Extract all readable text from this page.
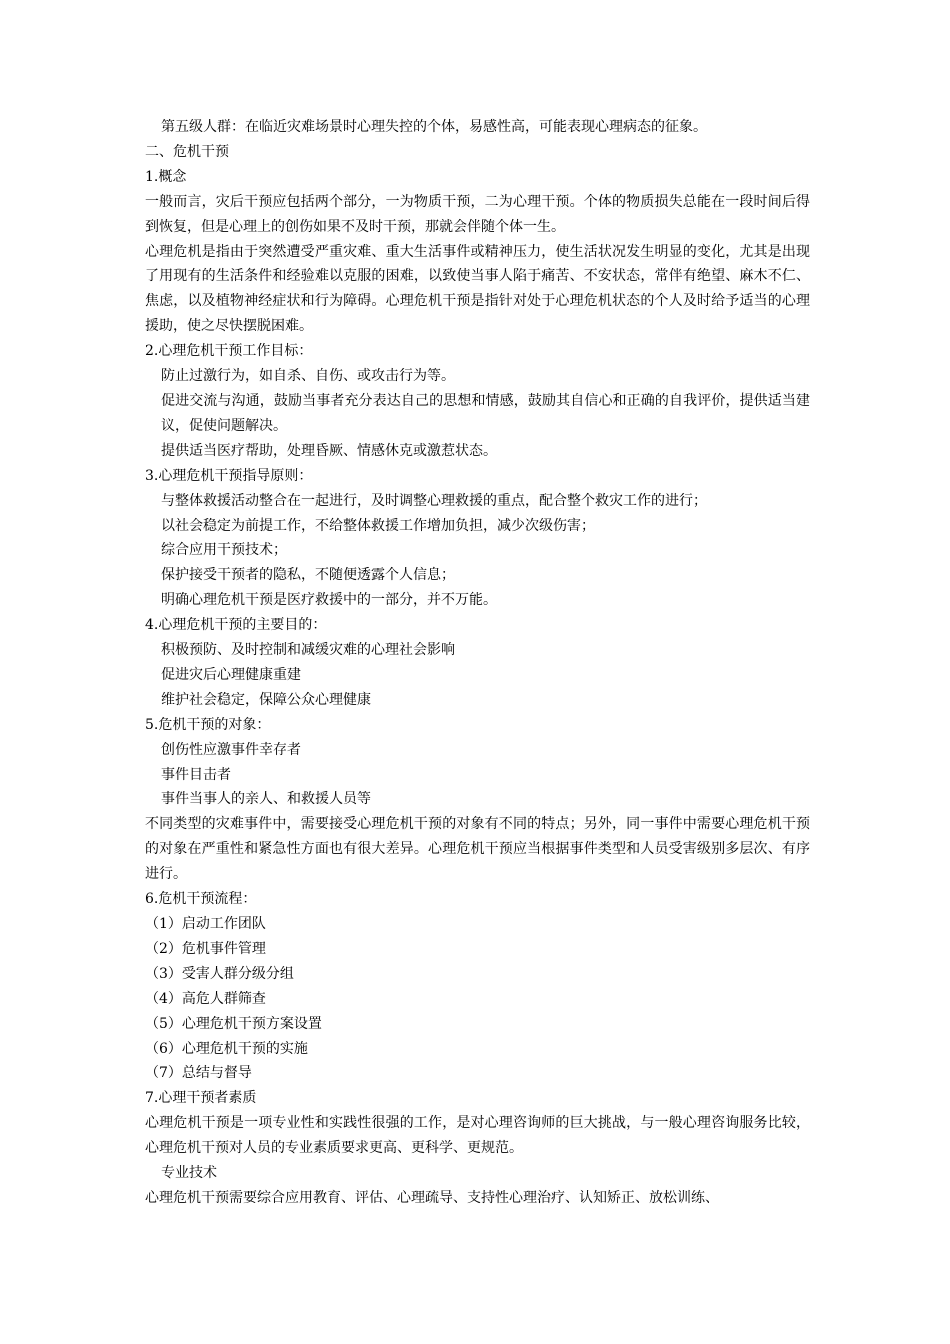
第五级人群：在临近灾难场景时心理失控的个体，易感性高，可能表现心理病态的征象。

二、危机干预

1.概念

一般而言，灾后干预应包括两个部分，一为物质干预，二为心理干预。个体的物质损失总能在一段时间后得到恢复，但是心理上的创伤如果不及时干预，那就会伴随个体一生。

心理危机是指由于突然遭受严重灾难、重大生活事件或精神压力，使生活状况发生明显的变化，尤其是出现了用现有的生活条件和经验难以克服的困难，以致使当事人陷于痛苦、不安状态，常伴有绝望、麻木不仁、焦虑，以及植物神经症状和行为障碍。心理危机干预是指针对处于心理危机状态的个人及时给予适当的心理援助，使之尽快摆脱困难。

2.心理危机干预工作目标：

防止过激行为，如自杀、自伤、或攻击行为等。

促进交流与沟通，鼓励当事者充分表达自己的思想和情感，鼓励其自信心和正确的自我评价，提供适当建议，促使问题解决。

提供适当医疗帮助，处理昏厥、情感休克或激惹状态。

3.心理危机干预指导原则：

与整体救援活动整合在一起进行，及时调整心理救援的重点，配合整个救灾工作的进行；

以社会稳定为前提工作，不给整体救援工作增加负担，减少次级伤害；

综合应用干预技术；

保护接受干预者的隐私，不随便透露个人信息；

明确心理危机干预是医疗救援中的一部分，并不万能。

4.心理危机干预的主要目的：

积极预防、及时控制和减缓灾难的心理社会影响

促进灾后心理健康重建

维护社会稳定，保障公众心理健康

5.危机干预的对象：

创伤性应激事件幸存者

事件目击者

事件当事人的亲人、和救援人员等

不同类型的灾难事件中，需要接受心理危机干预的对象有不同的特点；另外，同一事件中需要心理危机干预的对象在严重性和紧急性方面也有很大差异。心理危机干预应当根据事件类型和人员受害级别多层次、有序进行。

6.危机干预流程：

（1）启动工作团队

（2）危机事件管理

（3）受害人群分级分组

（4）高危人群筛查

（5）心理危机干预方案设置

（6）心理危机干预的实施

（7）总结与督导

7.心理干预者素质

心理危机干预是一项专业性和实践性很强的工作，是对心理咨询师的巨大挑战，与一般心理咨询服务比较，心理危机干预对人员的专业素质要求更高、更科学、更规范。

专业技术

心理危机干预需要综合应用教育、评估、心理疏导、支持性心理治疗、认知矫正、放松训练、
